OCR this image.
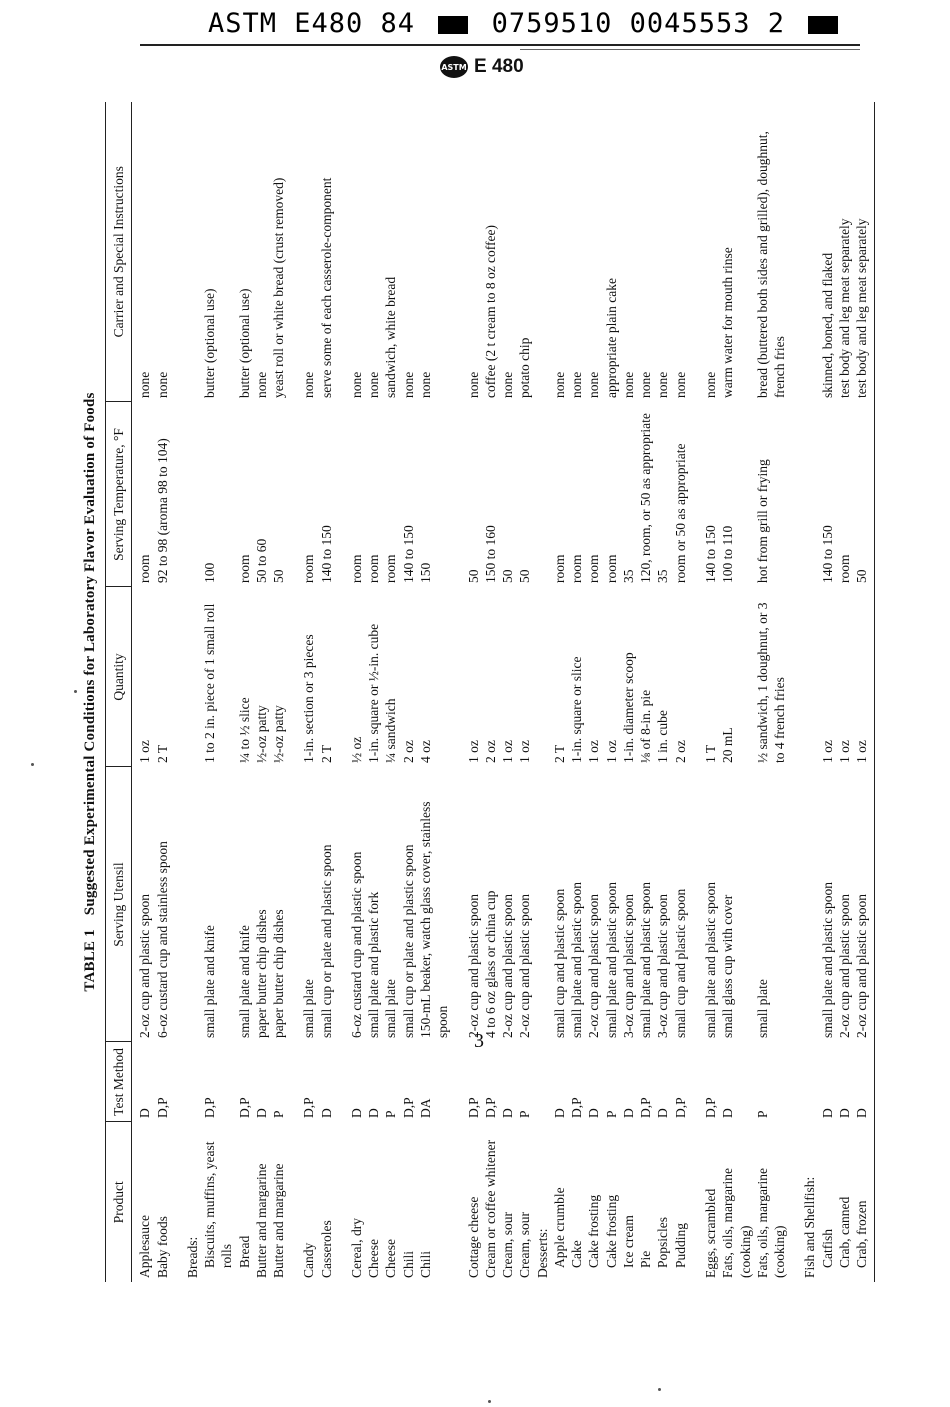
ASTM E480 84	0759510 0045553 2
ASTM E 480
TABLE 1Suggested Experimental Conditions for Laboratory Flavor Evaluation of Foods
Product	Test Method	Serving Utensil	Quantity	Serving Temperature, °F	Carrier and Special Instructions
Applesauce	D	2-oz cup and plastic spoon	1 oz	room	none
Baby foods	D,P	6-oz custard cup and stainless spoon	2 T	92 to 98 (aroma 98 to 104)	none
Breads:					
Biscuits, muffins, yeast rolls	D,P	small plate and knife	1 to 2 in. piece of 1 small roll	100	butter (optional use)
Bread	D,P	small plate and knife	¼ to ½ slice	room	butter (optional use)
Butter and margarine	D	paper butter chip dishes	½-oz patty	50 to 60	none
Butter and margarine	P	paper butter chip dishes	½-oz patty	50	yeast roll or white bread (crust removed)
Candy	D,P	small plate	1-in. section or 3 pieces	room	none
Casseroles	D	small cup or plate and plastic spoon	2 T	140 to 150	serve some of each casserole-component
Cereal, dry	D	6-oz custard cup and plastic spoon	½ oz	room	none
Cheese	D	small plate and plastic fork	1-in. square or ½-in. cube	room	none
Cheese	P	small plate	¼ sandwich	room	sandwich, white bread
Chili	D,P	small cup or plate and plastic spoon	2 oz	140 to 150	none
Chili	DA	150-mL beaker, watch glass cover, stainless spoon	4 oz	150	none
Cottage cheese	D,P	2-oz cup and plastic spoon	1 oz	50	none
Cream or coffee whitener	D,P	4 to 6 oz glass or china cup	2 oz	150 to 160	coffee (2 t cream to 8 oz coffee)
Cream, sour	D	2-oz cup and plastic spoon	1 oz	50	none
Cream, sour	P	2-oz cup and plastic spoon	1 oz	50	potato chip
Desserts:					
Apple crumble	D	small cup and plastic spoon	2 T	room	none
Cake	D,P	small plate and plastic spoon	1-in. square or slice	room	none
Cake frosting	D	2-oz cup and plastic spoon	1 oz	room	none
Cake frosting	P	small plate and plastic spoon	1 oz	room	appropriate plain cake
Ice cream	D	3-oz cup and plastic spoon	1-in. diameter scoop	35	none
Pie	D,P	small plate and plastic spoon	⅛ of 8-in. pie	120, room, or 50 as appropriate	none
Popsicles	D	3-oz cup and plastic spoon	1 in. cube	35	none
Pudding	D,P	small cup and plastic spoon	2 oz	room or 50 as appropriate	none
Eggs, scrambled	D,P	small plate and plastic spoon	1 T	140 to 150	none
Fats, oils, margarine (cooking)	D	small glass cup with cover	20 mL	100 to 110	warm water for mouth rinse
Fats, oils, margarine (cooking)	P	small plate	½ sandwich, 1 doughnut, or 3 to 4 french fries	hot from grill or frying	bread (buttered both sides and grilled), doughnut, french fries
Fish and Shellfish:					
Catfish	D	small plate and plastic spoon	1 oz	140 to 150	skinned, boned, and flaked
Crab, canned	D	2-oz cup and plastic spoon	1 oz	room	test body and leg meat separately
Crab, frozen	D	2-oz cup and plastic spoon	1 oz	50	test body and leg meat separately
3
